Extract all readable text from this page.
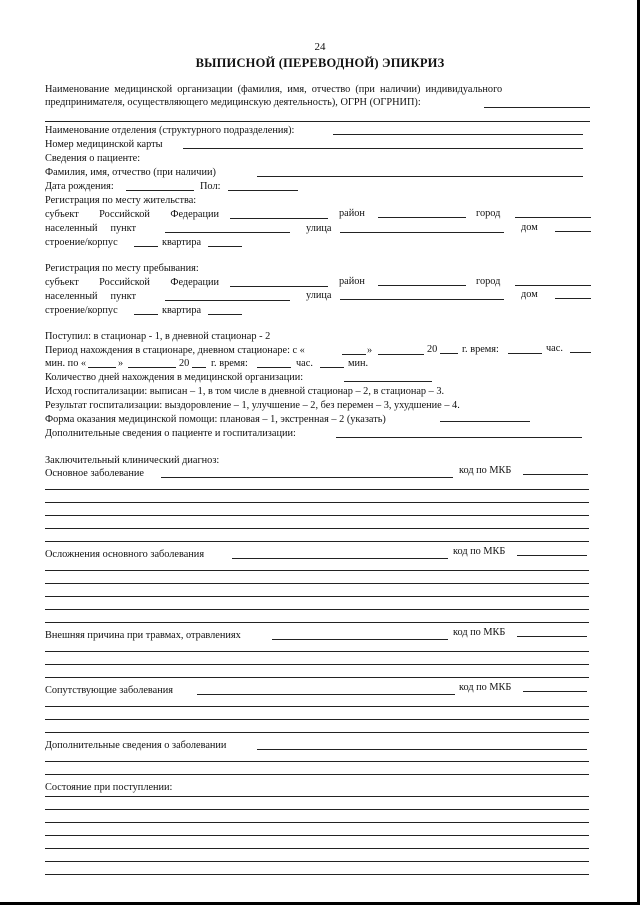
24
ВЫПИСНОЙ (ПЕРЕВОДНОЙ) ЭПИКРИЗ
Наименование медицинской организации (фамилия, имя, отчество (при наличии) индивидуального
предпринимателя, осуществляющего медицинскую деятельность), ОГРН (ОГРНИП):
Наименование отделения (структурного подразделения):
Номер медицинской карты
Сведения о пациенте:
Фамилия, имя, отчество (при наличии)
Дата рождения:	Пол:
Регистрация по месту жительства:
субъект Российской Федерации	район	город
населенный пункт	улица	дом
строение/корпус	квартира
Регистрация по месту пребывания:
субъект Российской Федерации	район	город
населенный пункт	улица	дом
строение/корпус	квартира
Поступил: в стационар - 1, в дневной стационар - 2
Период нахождения в стационаре, дневном стационаре: с «	»	20 г. время:	час.
мин. по «	»	20 г. время:	час.	мин.
Количество дней нахождения в медицинской организации:
Исход госпитализации: выписан – 1, в том числе в дневной стационар – 2, в стационар – 3.
Результат госпитализации: выздоровление – 1, улучшение – 2, без перемен – 3, ухудшение – 4.
Форма оказания медицинской помощи: плановая – 1, экстренная – 2 (указать)
Дополнительные сведения о пациенте и госпитализации:
Заключительный клинический диагноз:
Основное заболевание	код по МКБ
Осложнения основного заболевания	код по МКБ
Внешняя причина при травмах, отравлениях	код по МКБ
Сопутствующие заболевания	код по МКБ
Дополнительные сведения о заболевании
Состояние при поступлении:
